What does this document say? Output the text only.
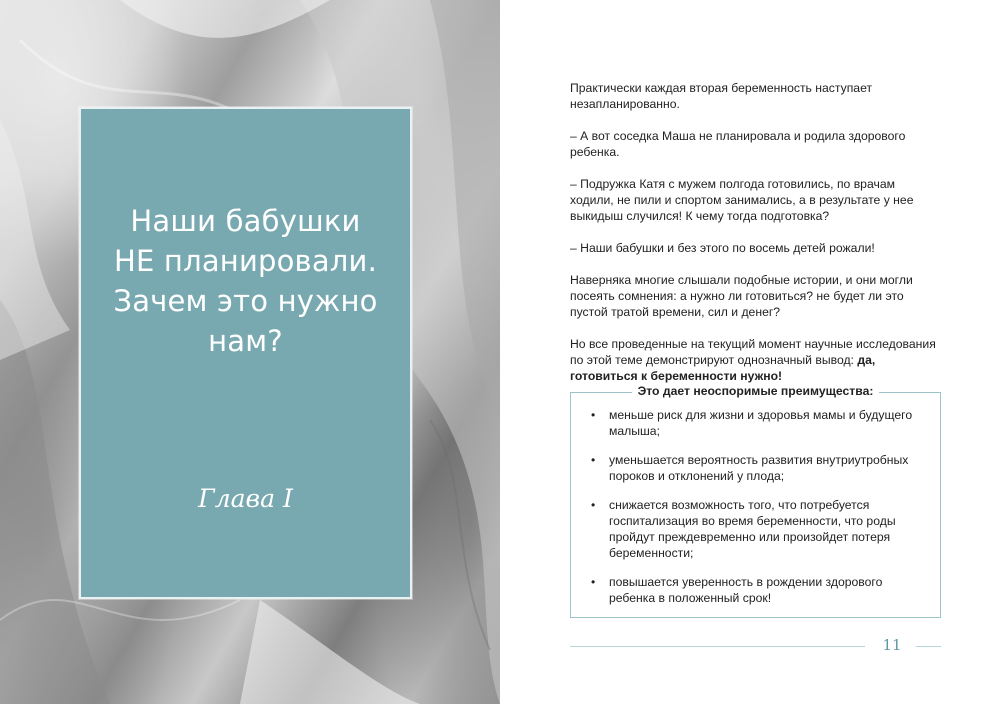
Наши бабушки
НЕ планировали.
Зачем это нужно
нам?
Глава I

Практически каждая вторая беременность наступает незапланированно.

– А вот соседка Маша не планировала и родила здорового ребенка.

– Подружка Катя с мужем полгода готовились, по врачам ходили, не пили и спортом занимались, а в результате у нее выкидыш случился! К чему тогда подготовка?

– Наши бабушки и без этого по восемь детей рожали!

Наверняка многие слышали подобные истории, и они могли посеять сомнения: а нужно ли готовиться? не будет ли это пустой тратой времени, сил и денег?

Но все проведенные на текущий момент научные исследования по этой теме демонстрируют однозначный вывод: да, готовиться к беременности нужно!

Это дает неоспоримые преимущества:
• меньше риск для жизни и здоровья мамы и будущего малыша;
• уменьшается вероятность развития внутриутробных пороков и отклонений у плода;
• снижается возможность того, что потребуется госпитализация во время беременности, что роды пройдут преждевременно или произойдет потеря беременности;
• повышается уверенность в рождении здорового ребенка в положенный срок!
11
